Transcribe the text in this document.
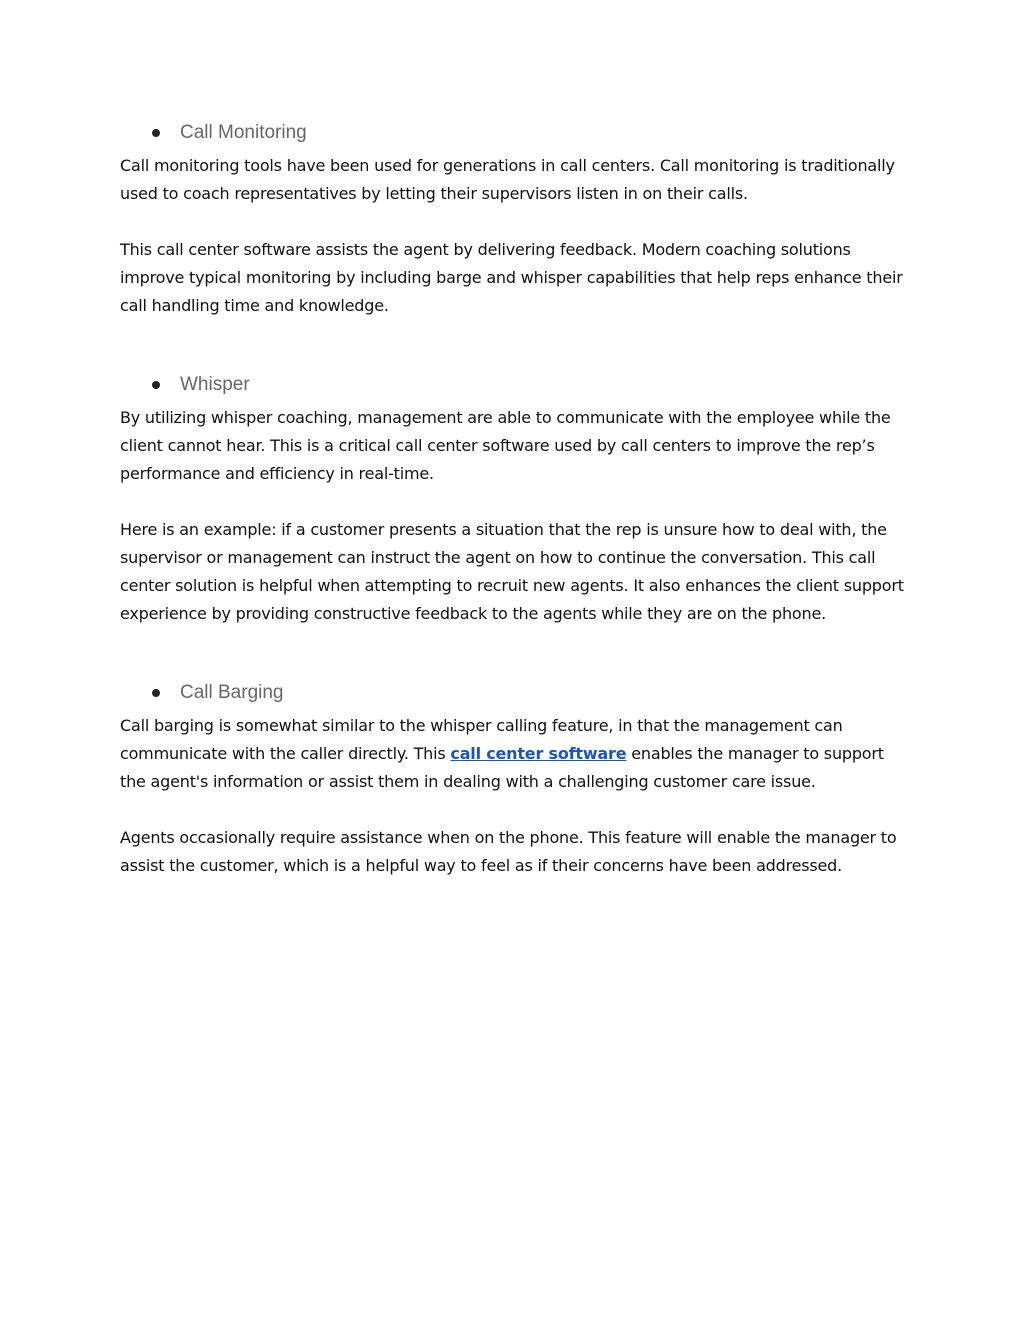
Call Monitoring

Call monitoring tools have been used for generations in call centers. Call monitoring is traditionally used to coach representatives by letting their supervisors listen in on their calls.

This call center software assists the agent by delivering feedback. Modern coaching solutions improve typical monitoring by including barge and whisper capabilities that help reps enhance their call handling time and knowledge.

Whisper

By utilizing whisper coaching, management are able to communicate with the employee while the client cannot hear. This is a critical call center software used by call centers to improve the rep’s performance and efficiency in real-time.

Here is an example: if a customer presents a situation that the rep is unsure how to deal with, the supervisor or management can instruct the agent on how to continue the conversation. This call center solution is helpful when attempting to recruit new agents. It also enhances the client support experience by providing constructive feedback to the agents while they are on the phone.

Call Barging

Call barging is somewhat similar to the whisper calling feature, in that the management can communicate with the caller directly. This call center software enables the manager to support the agent's information or assist them in dealing with a challenging customer care issue.

Agents occasionally require assistance when on the phone. This feature will enable the manager to assist the customer, which is a helpful way to feel as if their concerns have been addressed.
